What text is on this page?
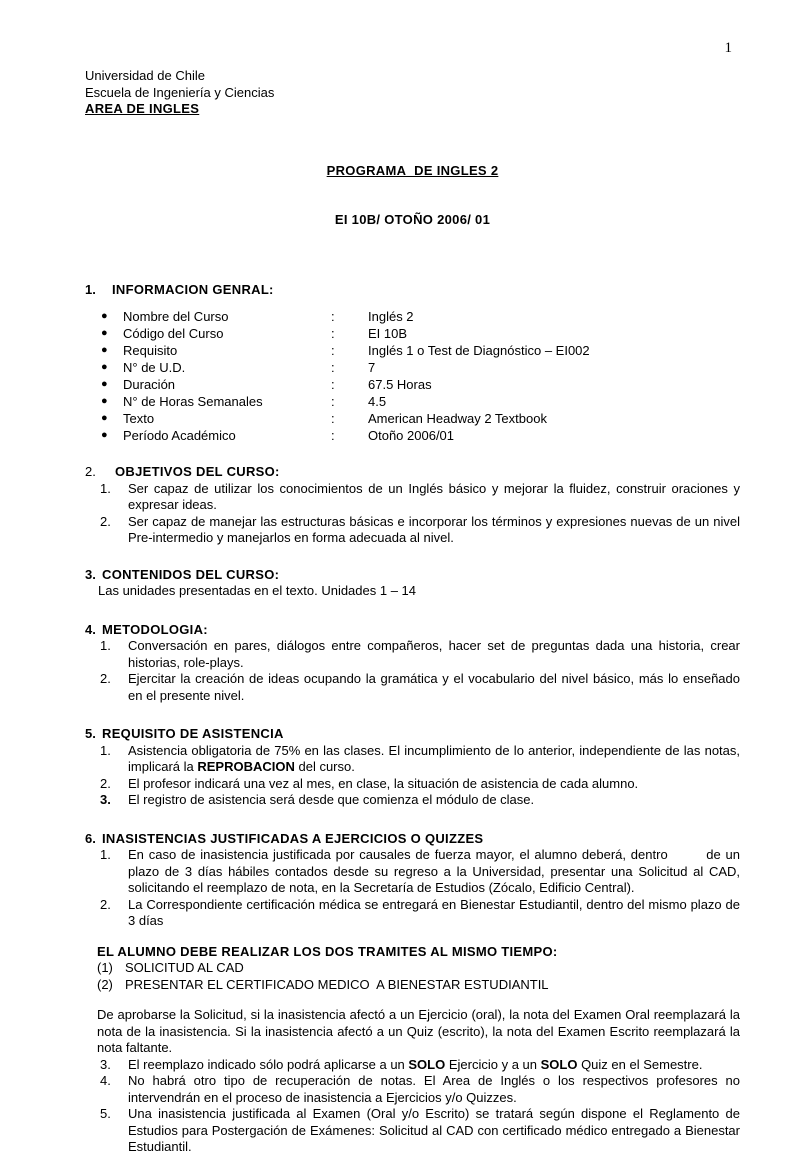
1
Universidad de Chile
Escuela de Ingeniería y Ciencias
AREA DE INGLES

PROGRAMA  DE INGLES 2

EI 10B/ OTOÑO 2006/ 01

1.	INFORMACION GENRAL:
●	Nombre del Curso	:	Inglés 2
●	Código del Curso	:	EI 10B
●	Requisito	:	Inglés 1 o Test de Diagnóstico – EI002
●	N° de U.D.	:	7
●	Duración	:	67.5 Horas
●	N° de Horas Semanales	:	4.5
●	Texto	:	American Headway 2 Textbook
●	Período Académico	:	Otoño 2006/01
2.	OBJETIVOS DEL CURSO:
1.	Ser capaz de utilizar los conocimientos de un Inglés básico y mejorar la fluidez, construir oraciones y expresar ideas.
2.	Ser capaz de manejar las estructuras básicas e incorporar los términos y expresiones nuevas de un nivel Pre-intermedio y manejarlos en forma adecuada al nivel.
3. CONTENIDOS DEL CURSO:
Las unidades presentadas en el texto. Unidades 1 – 14
4. METODOLOGIA:
1.	Conversación en pares, diálogos entre compañeros, hacer set de preguntas dada una historia, crear historias, role-plays.
2.	Ejercitar la creación de ideas ocupando la gramática y el vocabulario del nivel básico, más lo enseñado en el presente nivel.
5. REQUISITO DE ASISTENCIA
1.	Asistencia obligatoria de 75% en las clases. El incumplimiento de lo anterior, independiente de las notas, implicará la REPROBACION del curso.
2.	El profesor indicará una vez al mes, en clase, la situación de asistencia de cada alumno.
3.	El registro de asistencia será desde que comienza el módulo de clase.
6. INASISTENCIAS JUSTIFICADAS A EJERCICIOS O QUIZZES
1.	En caso de inasistencia justificada por causales de fuerza mayor, el alumno deberá, dentro        de un plazo de 3 días hábiles contados desde su regreso a la Universidad, presentar una Solicitud al CAD, solicitando el reemplazo de nota, en la Secretaría de Estudios (Zócalo, Edificio Central).
2.	La Correspondiente certificación médica se entregará en Bienestar Estudiantil, dentro del mismo plazo de 3 días
EL ALUMNO DEBE REALIZAR LOS DOS TRAMITES AL MISMO TIEMPO:
(1) SOLICITUD AL CAD
(2) PRESENTAR EL CERTIFICADO MEDICO  A BIENESTAR ESTUDIANTIL
De aprobarse la Solicitud, si la inasistencia afectó a un Ejercicio (oral), la nota del Examen Oral reemplazará la nota de la inasistencia. Si la inasistencia afectó a un Quiz (escrito), la nota del Examen Escrito reemplazará la nota faltante.
3.	El reemplazo indicado sólo podrá aplicarse a un SOLO Ejercicio y a un SOLO Quiz en el Semestre.
4.	No habrá otro tipo de recuperación de notas. El Area de Inglés o los respectivos profesores no intervendrán en el proceso de inasistencia a Ejercicios y/o Quizzes.
5.	Una inasistencia justificada al Examen (Oral y/o Escrito) se tratará según dispone el Reglamento de Estudios para Postergación de Exámenes: Solicitud al CAD con certificado médico entregado a Bienestar Estudiantil.
